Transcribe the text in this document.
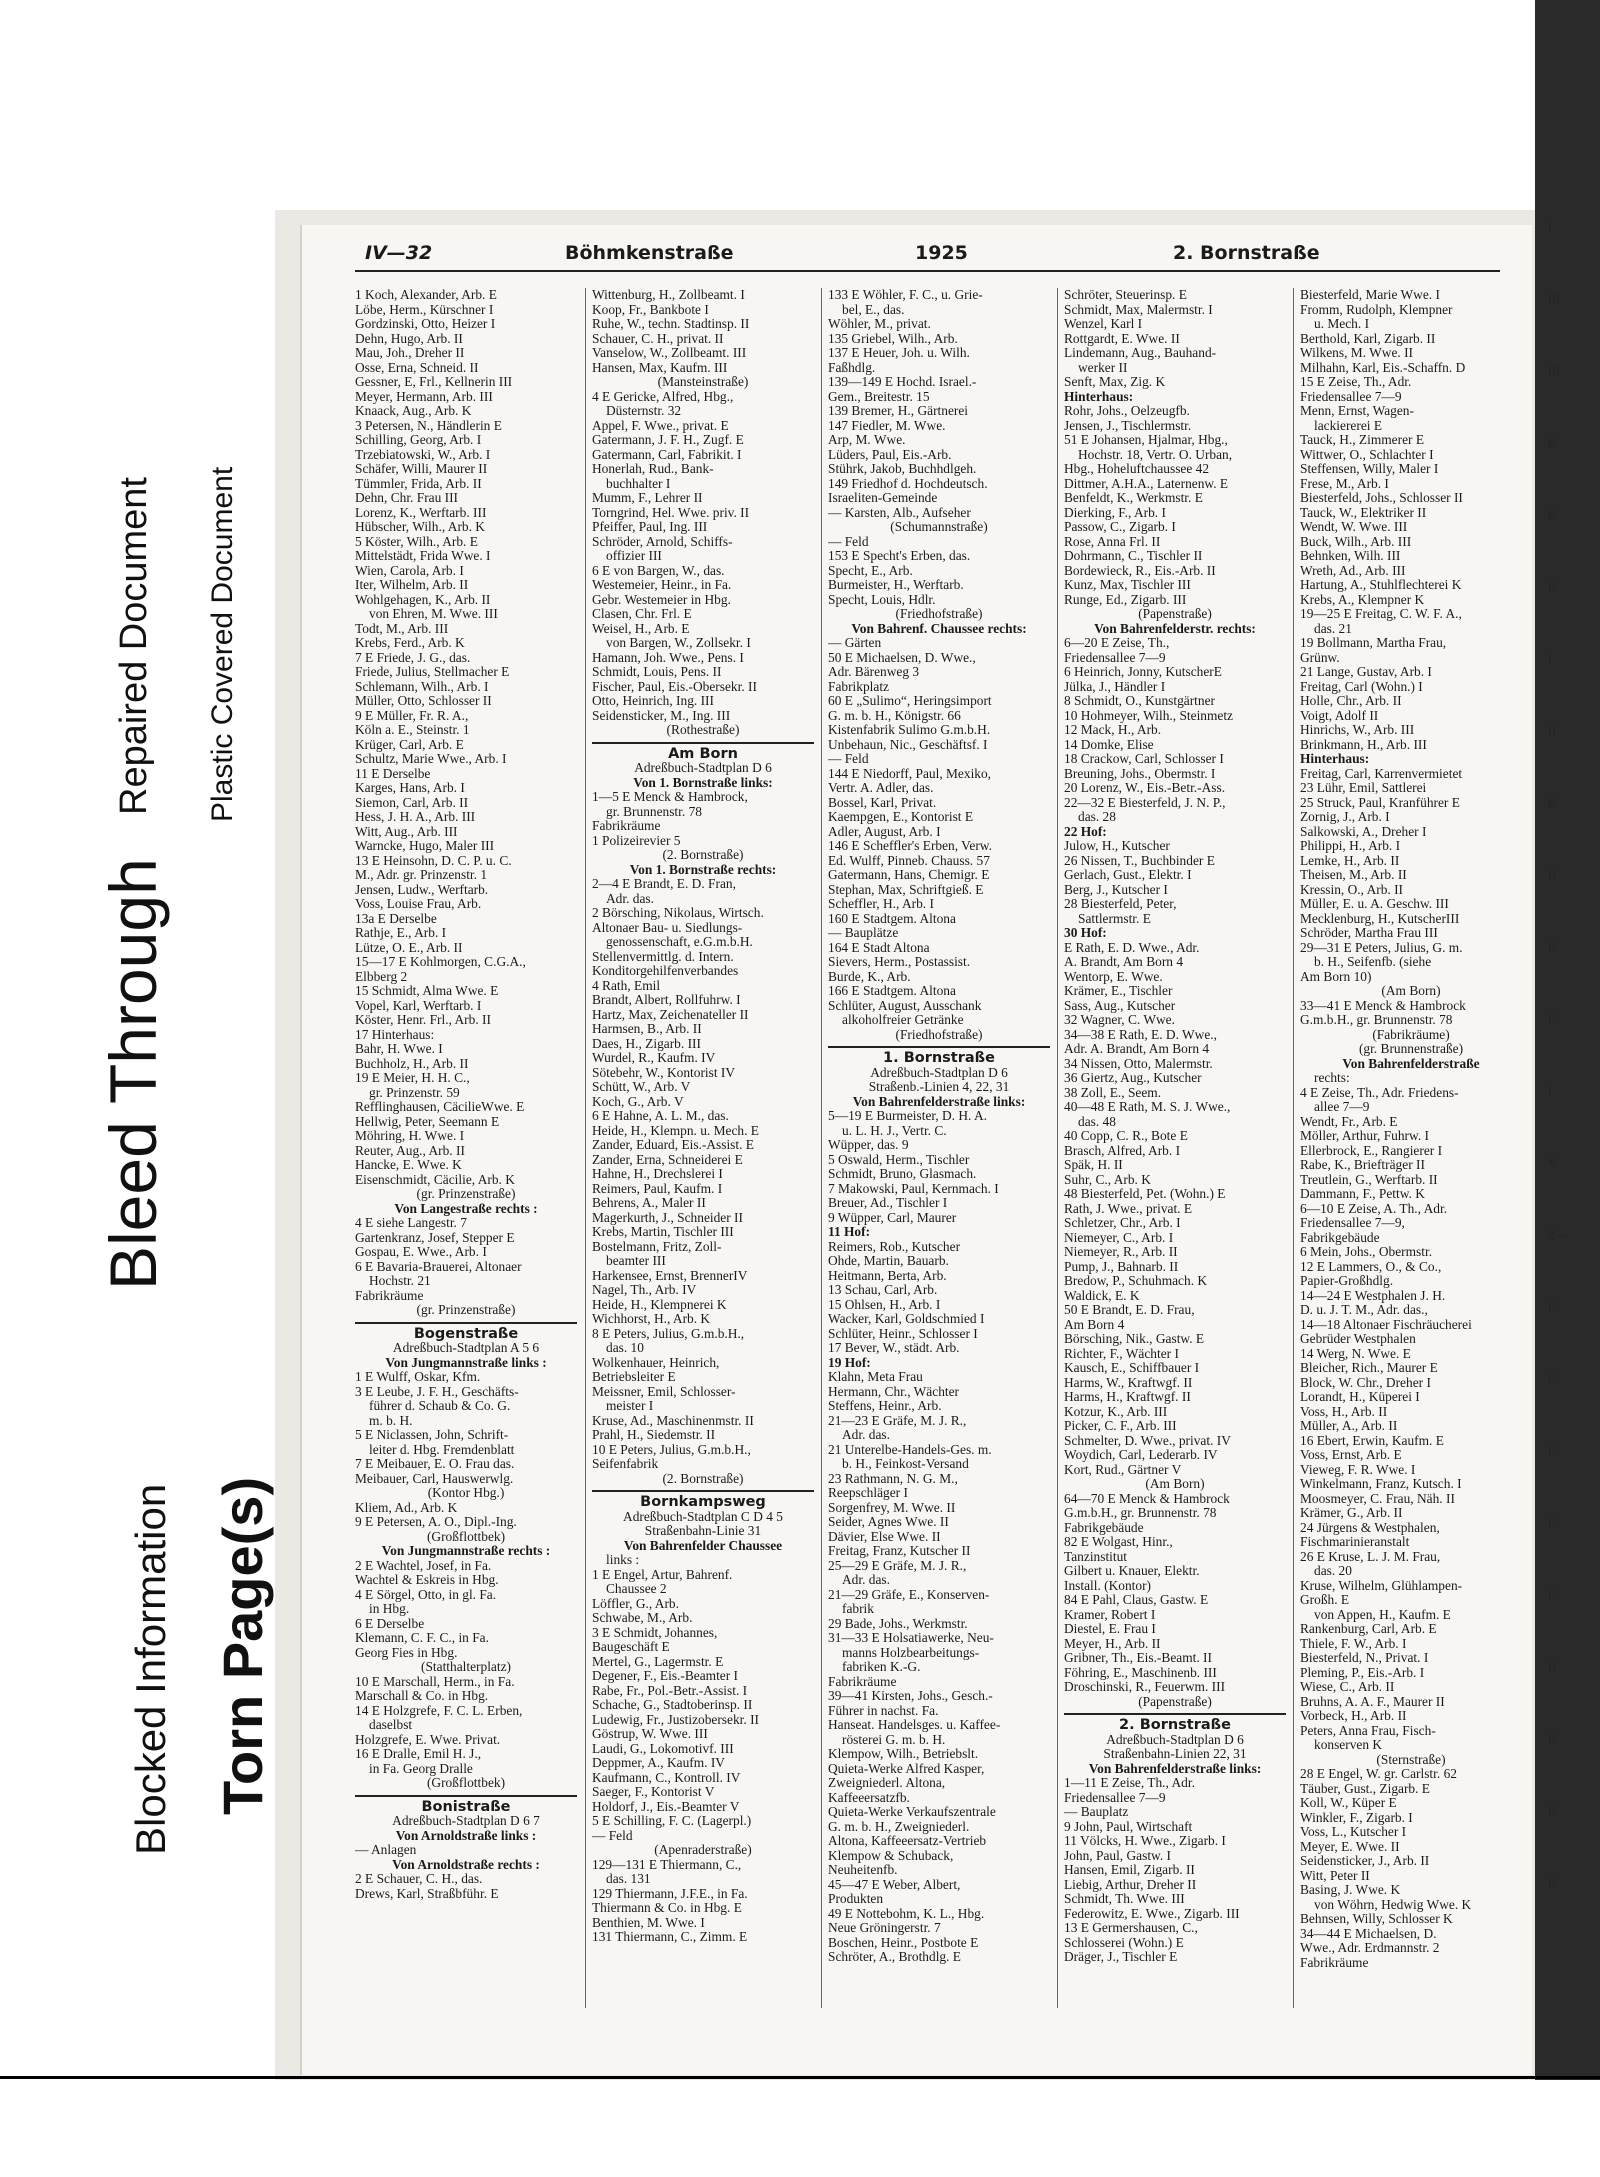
Repaired Document Plastic Covered Document
Bleed Through
Blocked Information Torn Page(s)
IV—32	Böhmkenstraße	1925	2. Bornstraße
1 Koch, Alexander, Arb. E
Löbe, Herm., Kürschner I
Gordzinski, Otto, Heizer I
Dehn, Hugo, Arb. II
Mau, Joh., Dreher II
Osse, Erna, Schneid. II
Gessner, E, Frl., Kellnerin III
Meyer, Hermann, Arb. III
Knaack, Aug., Arb. K
3 Petersen, N., Händlerin E
Schilling, Georg, Arb. I
Trzebiatowski, W., Arb. I
Schäfer, Willi, Maurer II
Tümmler, Frida, Arb. II
Dehn, Chr. Frau III
Lorenz, K., Werftarb. III
Hübscher, Wilh., Arb. K
5 Köster, Wilh., Arb. E
Mittelstädt, Frida Wwe. I
Wien, Carola, Arb. I
Iter, Wilhelm, Arb. II
Wohlgehagen, K., Arb. II
von Ehren, M. Wwe. III
Todt, M., Arb. III
Krebs, Ferd., Arb. K
7 E Friede, J. G., das.
Friede, Julius, Stellmacher E
Schlemann, Wilh., Arb. I
Müller, Otto, Schlosser II
9 E Müller, Fr. R. A.,
Köln a. E., Steinstr. 1
Krüger, Carl, Arb. E
Schultz, Marie Wwe., Arb. I
11 E Derselbe
Karges, Hans, Arb. I
Siemon, Carl, Arb. II
Hess, J. H. A., Arb. III
Witt, Aug., Arb. III
Warncke, Hugo, Maler III
13 E Heinsohn, D. C. P. u. C.
M., Adr. gr. Prinzenstr. 1
Jensen, Ludw., Werftarb.
Voss, Louise Frau, Arb.
13a E Derselbe
Rathje, E., Arb. I
Lütze, O. E., Arb. II
15—17 E Kohlmorgen, C.G.A.,
Elbberg 2
15 Schmidt, Alma Wwe. E
Vopel, Karl, Werftarb. I
Köster, Henr. Frl., Arb. II
17 Hinterhaus:
Bahr, H. Wwe. I
Buchholz, H., Arb. II
19 E Meier, H. H. C.,
gr. Prinzenstr. 59
Refflinghausen, CäcilieWwe. E
Hellwig, Peter, Seemann E
Möhring, H. Wwe. I
Reuter, Aug., Arb. II
Hancke, E. Wwe. K
Eisenschmidt, Cäcilie, Arb. K
(gr. Prinzenstraße)
Von Langestraße rechts :
4 E siehe Langestr. 7
Gartenkranz, Josef, Stepper E
Gospau, E. Wwe., Arb. I
6 E Bavaria-Brauerei, Altonaer
Hochstr. 21
Fabrikräume
(gr. Prinzenstraße)
Bogenstraße
Adreßbuch-Stadtplan A 5 6
Von Jungmannstraße links :
1 E Wulff, Oskar, Kfm.
3 E Leube, J. F. H., Geschäfts-
führer d. Schaub & Co. G.
m. b. H.
5 E Niclassen, John, Schrift-
leiter d. Hbg. Fremdenblatt
7 E Meibauer, E. O. Frau das.
Meibauer, Carl, Hauswerwlg.
(Kontor Hbg.)
Kliem, Ad., Arb. K
9 E Petersen, A. O., Dipl.-Ing.
(Großflottbek)
Von Jungmannstraße rechts :
2 E Wachtel, Josef, in Fa.
Wachtel & Eskreis in Hbg.
4 E Sörgel, Otto, in gl. Fa.
in Hbg.
6 E Derselbe
Klemann, C. F. C., in Fa.
Georg Fies in Hbg.
(Statthalterplatz)
10 E Marschall, Herm., in Fa.
Marschall & Co. in Hbg.
14 E Holzgrefe, F. C. L. Erben,
daselbst
Holzgrefe, E. Wwe. Privat.
16 E Dralle, Emil H. J.,
in Fa. Georg Dralle
(Großflottbek)
Bonistraße
Adreßbuch-Stadtplan D 6 7
Von Arnoldstraße links :
— Anlagen
Von Arnoldstraße rechts :
2 E Schauer, C. H., das.
Drews, Karl, Straßbführ. E
Wittenburg, H., Zollbeamt. I
Koop, Fr., Bankbote I
Ruhe, W., techn. Stadtinsp. II
Schauer, C. H., privat. II
Vanselow, W., Zollbeamt. III
Hansen, Max, Kaufm. III
(Mansteinstraße)
4 E Gericke, Alfred, Hbg.,
Düsternstr. 32
Appel, F. Wwe., privat. E
Gatermann, J. F. H., Zugf. E
Gatermann, Carl, Fabrikit. I
Honerlah, Rud., Bank-
buchhalter I
Mumm, F., Lehrer II
Torngrind, Hel. Wwe. priv. II
Pfeiffer, Paul, Ing. III
Schröder, Arnold, Schiffs-
offizier III
6 E von Bargen, W., das.
Westemeier, Heinr., in Fa.
Gebr. Westemeier in Hbg.
Clasen, Chr. Frl. E
Weisel, H., Arb. E
von Bargen, W., Zollsekr. I
Hamann, Joh. Wwe., Pens. I
Schmidt, Louis, Pens. II
Fischer, Paul, Eis.-Obersekr. II
Otto, Heinrich, Ing. III
Seidensticker, M., Ing. III
(Rothestraße)
Am Born
Adreßbuch-Stadtplan D 6
Von 1. Bornstraße links:
1—5 E Menck & Hambrock,
gr. Brunnenstr. 78
Fabrikräume
1 Polizeirevier 5
(2. Bornstraße)
Von 1. Bornstraße rechts:
2—4 E Brandt, E. D. Fran,
Adr. das.
2 Börsching, Nikolaus, Wirtsch.
Altonaer Bau- u. Siedlungs-
genossenschaft, e.G.m.b.H.
Stellenvermittlg. d. Intern.
Konditorgehilfenverbandes
4 Rath, Emil
Brandt, Albert, Rollfuhrw. I
Hartz, Max, Zeichenateller II
Harmsen, B., Arb. II
Daes, H., Zigarb. III
Wurdel, R., Kaufm. IV
Sötebehr, W., Kontorist IV
Schütt, W., Arb. V
Koch, G., Arb. V
6 E Hahne, A. L. M., das.
Heide, H., Klempn. u. Mech. E
Zander, Eduard, Eis.-Assist. E
Zander, Erna, Schneiderei E
Hahne, H., Drechslerei I
Reimers, Paul, Kaufm. I
Behrens, A., Maler II
Magerkurth, J., Schneider II
Krebs, Martin, Tischler III
Bostelmann, Fritz, Zoll-
beamter III
Harkensee, Ernst, BrennerIV
Nagel, Th., Arb. IV
Heide, H., Klempnerei K
Wichhorst, H., Arb. K
8 E Peters, Julius, G.m.b.H.,
das. 10
Wolkenhauer, Heinrich,
Betriebsleiter E
Meissner, Emil, Schlosser-
meister I
Kruse, Ad., Maschinenmstr. II
Prahl, H., Siedemstr. II
10 E Peters, Julius, G.m.b.H.,
Seifenfabrik
(2. Bornstraße)
Bornkampsweg
Adreßbuch-Stadtplan C D 4 5
Straßenbahn-Linie 31
Von Bahrenfelder Chaussee
links :
1 E Engel, Artur, Bahrenf.
Chaussee 2
Löffler, G., Arb.
Schwabe, M., Arb.
3 E Schmidt, Johannes,
Baugeschäft E
Mertel, G., Lagermstr. E
Degener, F., Eis.-Beamter I
Rabe, Fr., Pol.-Betr.-Assist. I
Schache, G., Stadtoberinsp. II
Ludewig, Fr., Justizobersekr. II
Göstrup, W. Wwe. III
Laudi, G., Lokomotivf. III
Deppmer, A., Kaufm. IV
Kaufmann, C., Kontroll. IV
Saeger, F., Kontorist V
Holdorf, J., Eis.-Beamter V
5 E Schilling, F. C. (Lagerpl.)
— Feld
(Apenraderstraße)
129—131 E Thiermann, C.,
das. 131
129 Thiermann, J.F.E., in Fa.
Thiermann & Co. in Hbg. E
Benthien, M. Wwe. I
131 Thiermann, C., Zimm. E
133 E Wöhler, F. C., u. Grie-
bel, E., das.
Wöhler, M., privat.
135 Griebel, Wilh., Arb.
137 E Heuer, Joh. u. Wilh.
Faßhdlg.
139—149 E Hochd. Israel.-
Gem., Breitestr. 15
139 Bremer, H., Gärtnerei
147 Fiedler, M. Wwe.
Arp, M. Wwe.
Lüders, Paul, Eis.-Arb.
Stührk, Jakob, Buchhdlgeh.
149 Friedhof d. Hochdeutsch.
Israeliten-Gemeinde
— Karsten, Alb., Aufseher
(Schumannstraße)
— Feld
153 E Specht's Erben, das.
Specht, E., Arb.
Burmeister, H., Werftarb.
Specht, Louis, Hdlr.
(Friedhofstraße)
Von Bahrenf. Chaussee rechts:
— Gärten
50 E Michaelsen, D. Wwe.,
Adr. Bärenweg 3
Fabrikplatz
60 E „Sulimo“, Heringsimport
G. m. b. H., Königstr. 66
Kistenfabrik Sulimo G.m.b.H.
Unbehaun, Nic., Geschäftsf. I
— Feld
144 E Niedorff, Paul, Mexiko,
Vertr. A. Adler, das.
Bossel, Karl, Privat.
Kaempgen, E., Kontorist E
Adler, August, Arb. I
146 E Scheffler's Erben, Verw.
Ed. Wulff, Pinneb. Chauss. 57
Gatermann, Hans, Chemigr. E
Stephan, Max, Schriftgieß. E
Scheffler, H., Arb. I
160 E Stadtgem. Altona
— Bauplätze
164 E Stadt Altona
Sievers, Herm., Postassist.
Burde, K., Arb.
166 E Stadtgem. Altona
Schlüter, August, Ausschank
alkoholfreier Getränke
(Friedhofstraße)
1. Bornstraße
Adreßbuch-Stadtplan D 6
Straßenb.-Linien 4, 22, 31
Von Bahrenfelderstraße links:
5—19 E Burmeister, D. H. A.
u. L. H. J., Vertr. C.
Wüpper, das. 9
5 Oswald, Herm., Tischler
Schmidt, Bruno, Glasmach.
7 Makowski, Paul, Kernmach. I
Breuer, Ad., Tischler I
9 Wüpper, Carl, Maurer
11 Hof:
Reimers, Rob., Kutscher
Ohde, Martin, Bauarb.
Heitmann, Berta, Arb.
13 Schau, Carl, Arb.
15 Ohlsen, H., Arb. I
Wacker, Karl, Goldschmied I
Schlüter, Heinr., Schlosser I
17 Bever, W., städt. Arb.
19 Hof:
Klahn, Meta Frau
Hermann, Chr., Wächter
Steffens, Heinr., Arb.
21—23 E Gräfe, M. J. R.,
Adr. das.
21 Unterelbe-Handels-Ges. m.
b. H., Feinkost-Versand
23 Rathmann, N. G. M.,
Reepschläger I
Sorgenfrey, M. Wwe. II
Seider, Agnes Wwe. II
Dävier, Else Wwe. II
Freitag, Franz, Kutscher II
25—29 E Gräfe, M. J. R.,
Adr. das.
21—29 Gräfe, E., Konserven-
fabrik
29 Bade, Johs., Werkmstr.
31—33 E Holsatiawerke, Neu-
manns Holzbearbeitungs-
fabriken K.-G.
Fabrikräume
39—41 Kirsten, Johs., Gesch.-
Führer in nachst. Fa.
Hanseat. Handelsges. u. Kaffee-
rösterei G. m. b. H.
Klempow, Wilh., Betriebslt.
Quieta-Werke Alfred Kasper,
Zweigniederl. Altona,
Kaffeeersatzfb.
Quieta-Werke Verkaufszentrale
G. m. b. H., Zweigniederl.
Altona, Kaffeeersatz-Vertrieb
Klempow & Schuback,
Neuheitenfb.
45—47 E Weber, Albert,
Produkten
49 E Nottebohm, K. L., Hbg.
Neue Gröningerstr. 7
Boschen, Heinr., Postbote E
Schröter, A., Brothdlg. E
Schröter, Steuerinsp. E
Schmidt, Max, Malermstr. I
Wenzel, Karl I
Rottgardt, E. Wwe. II
Lindemann, Aug., Bauhand-
werker II
Senft, Max, Zig. K
Hinterhaus:
Rohr, Johs., Oelzeugfb.
Jensen, J., Tischlermstr.
51 E Johansen, Hjalmar, Hbg.,
Hochstr. 18, Vertr. O. Urban,
Hbg., Hoheluftchaussee 42
Dittmer, A.H.A., Laternenw. E
Benfeldt, K., Werkmstr. E
Dierking, F., Arb. I
Passow, C., Zigarb. I
Rose, Anna Frl. II
Dohrmann, C., Tischler II
Bordewieck, R., Eis.-Arb. II
Kunz, Max, Tischler III
Runge, Ed., Zigarb. III
(Papenstraße)
Von Bahrenfelderstr. rechts:
6—20 E Zeise, Th.,
Friedensallee 7—9
6 Heinrich, Jonny, KutscherE
Jülka, J., Händler I
8 Schmidt, O., Kunstgärtner
10 Hohmeyer, Wilh., Steinmetz
12 Mack, H., Arb.
14 Domke, Elise
18 Crackow, Carl, Schlosser I
Breuning, Johs., Obermstr. I
20 Lorenz, W., Eis.-Betr.-Ass.
22—32 E Biesterfeld, J. N. P.,
das. 28
22 Hof:
Julow, H., Kutscher
26 Nissen, T., Buchbinder E
Gerlach, Gust., Elektr. I
Berg, J., Kutscher I
28 Biesterfeld, Peter,
Sattlermstr. E
30 Hof:
E Rath, E. D. Wwe., Adr.
A. Brandt, Am Born 4
Wentorp, E. Wwe.
Krämer, E., Tischler
Sass, Aug., Kutscher
32 Wagner, C. Wwe.
34—38 E Rath, E. D. Wwe.,
Adr. A. Brandt, Am Born 4
34 Nissen, Otto, Malermstr.
36 Giertz, Aug., Kutscher
38 Zoll, E., Seem.
40—48 E Rath, M. S. J. Wwe.,
das. 48
40 Copp, C. R., Bote E
Brasch, Alfred, Arb. I
Späk, H. II
Suhr, C., Arb. K
48 Biesterfeld, Pet. (Wohn.) E
Rath, J. Wwe., privat. E
Schletzer, Chr., Arb. I
Niemeyer, C., Arb. I
Niemeyer, R., Arb. II
Pump, J., Bahnarb. II
Bredow, P., Schuhmach. K
Waldick, E. K
50 E Brandt, E. D. Frau,
Am Born 4
Börsching, Nik., Gastw. E
Richter, F., Wächter I
Kausch, E., Schiffbauer I
Harms, W., Kraftwgf. II
Harms, H., Kraftwgf. II
Kotzur, K., Arb. III
Picker, C. F., Arb. III
Schmelter, D. Wwe., privat. IV
Woydich, Carl, Lederarb. IV
Kort, Rud., Gärtner V
(Am Born)
64—70 E Menck & Hambrock
G.m.b.H., gr. Brunnenstr. 78
Fabrikgebäude
82 E Wolgast, Hinr.,
Tanzinstitut
Gilbert u. Knauer, Elektr.
Install. (Kontor)
84 E Pahl, Claus, Gastw. E
Kramer, Robert I
Diestel, E. Frau I
Meyer, H., Arb. II
Gribner, Th., Eis.-Beamt. II
Föhring, E., Maschinenb. III
Droschinski, R., Feuerwm. III
(Papenstraße)
2. Bornstraße
Adreßbuch-Stadtplan D 6
Straßenbahn-Linien 22, 31
Von Bahrenfelderstraße links:
1—11 E Zeise, Th., Adr.
Friedensallee 7—9
— Bauplatz
9 John, Paul, Wirtschaft
11 Völcks, H. Wwe., Zigarb. I
John, Paul, Gastw. I
Hansen, Emil, Zigarb. II
Liebig, Arthur, Dreher II
Schmidt, Th. Wwe. III
Federowitz, E. Wwe., Zigarb. III
13 E Germershausen, C.,
Schlosserei (Wohn.) E
Dräger, J., Tischler E
Biesterfeld, Marie Wwe. I
Fromm, Rudolph, Klempner
u. Mech. I
Berthold, Karl, Zigarb. II
Wilkens, M. Wwe. II
Milhahn, Karl, Eis.-Schaffn. D
15 E Zeise, Th., Adr.
Friedensallee 7—9
Menn, Ernst, Wagen-
lackiererei E
Tauck, H., Zimmerer E
Wittwer, O., Schlachter I
Steffensen, Willy, Maler I
Frese, M., Arb. I
Biesterfeld, Johs., Schlosser II
Tauck, W., Elektriker II
Wendt, W. Wwe. III
Buck, Wilh., Arb. III
Behnken, Wilh. III
Wreth, Ad., Arb. III
Hartung, A., Stuhlflechterei K
Krebs, A., Klempner K
19—25 E Freitag, C. W. F. A.,
das. 21
19 Bollmann, Martha Frau,
Grünw.
21 Lange, Gustav, Arb. I
Freitag, Carl (Wohn.) I
Holle, Chr., Arb. II
Voigt, Adolf II
Hinrichs, W., Arb. III
Brinkmann, H., Arb. III
Hinterhaus:
Freitag, Carl, Karrenvermietet
23 Lühr, Emil, Sattlerei
25 Struck, Paul, Kranführer E
Zornig, J., Arb. I
Salkowski, A., Dreher I
Philippi, H., Arb. I
Lemke, H., Arb. II
Theisen, M., Arb. II
Kressin, O., Arb. II
Müller, E. u. A. Geschw. III
Mecklenburg, H., KutscherIII
Schröder, Martha Frau III
29—31 E Peters, Julius, G. m.
b. H., Seifenfb. (siehe
Am Born 10)
(Am Born)
33—41 E Menck & Hambrock
G.m.b.H., gr. Brunnenstr. 78
(Fabrikräume)
(gr. Brunnenstraße)
Von Bahrenfelderstraße
rechts:
4 E Zeise, Th., Adr. Friedens-
allee 7—9
Wendt, Fr., Arb. E
Möller, Arthur, Fuhrw. I
Ellerbrock, E., Rangierer I
Rabe, K., Briefträger II
Treutlein, G., Werftarb. II
Dammann, F., Pettw. K
6—10 E Zeise, A. Th., Adr.
Friedensallee 7—9,
Fabrikgebäude
6 Mein, Johs., Obermstr.
12 E Lammers, O., & Co.,
Papier-Großhdlg.
14—24 E Westphalen J. H.
D. u. J. T. M., Adr. das.,
14—18 Altonaer Fischräucherei
Gebrüder Westphalen
14 Werg, N. Wwe. E
Bleicher, Rich., Maurer E
Block, W. Chr., Dreher I
Lorandt, H., Küperei I
Voss, H., Arb. II
Müller, A., Arb. II
16 Ebert, Erwin, Kaufm. E
Voss, Ernst, Arb. E
Vieweg, F. R. Wwe. I
Winkelmann, Franz, Kutsch. I
Moosmeyer, C. Frau, Näh. II
Krämer, G., Arb. II
24 Jürgens & Westphalen,
Fischmarinieranstalt
26 E Kruse, L. J. M. Frau,
das. 20
Kruse, Wilhelm, Glühlampen-
Großh. E
von Appen, H., Kaufm. E
Rankenburg, Carl, Arb. E
Thiele, F. W., Arb. I
Biesterfeld, N., Privat. I
Pleming, P., Eis.-Arb. I
Wiese, C., Arb. II
Bruhns, A. A. F., Maurer II
Vorbeck, H., Arb. II
Peters, Anna Frau, Fisch-
konserven K
(Sternstraße)
28 E Engel, W. gr. Carlstr. 62
Täuber, Gust., Zigarb. E
Koll, W., Küper E
Winkler, F., Zigarb. I
Voss, L., Kutscher I
Meyer, E. Wwe. II
Seidensticker, J., Arb. II
Witt, Peter II
Basing, J. Wwe. K
von Wöhrn, Hedwig Wwe. K
Behnsen, Willy, Schlosser K
34—44 E Michaelsen, D.
Wwe., Adr. Erdmannstr. 2
Fabrikräume
I
III
III
K
K
E
I
II
K
B
E
F
I
V
2—
F
C
F
F
F
B
E
E
E
